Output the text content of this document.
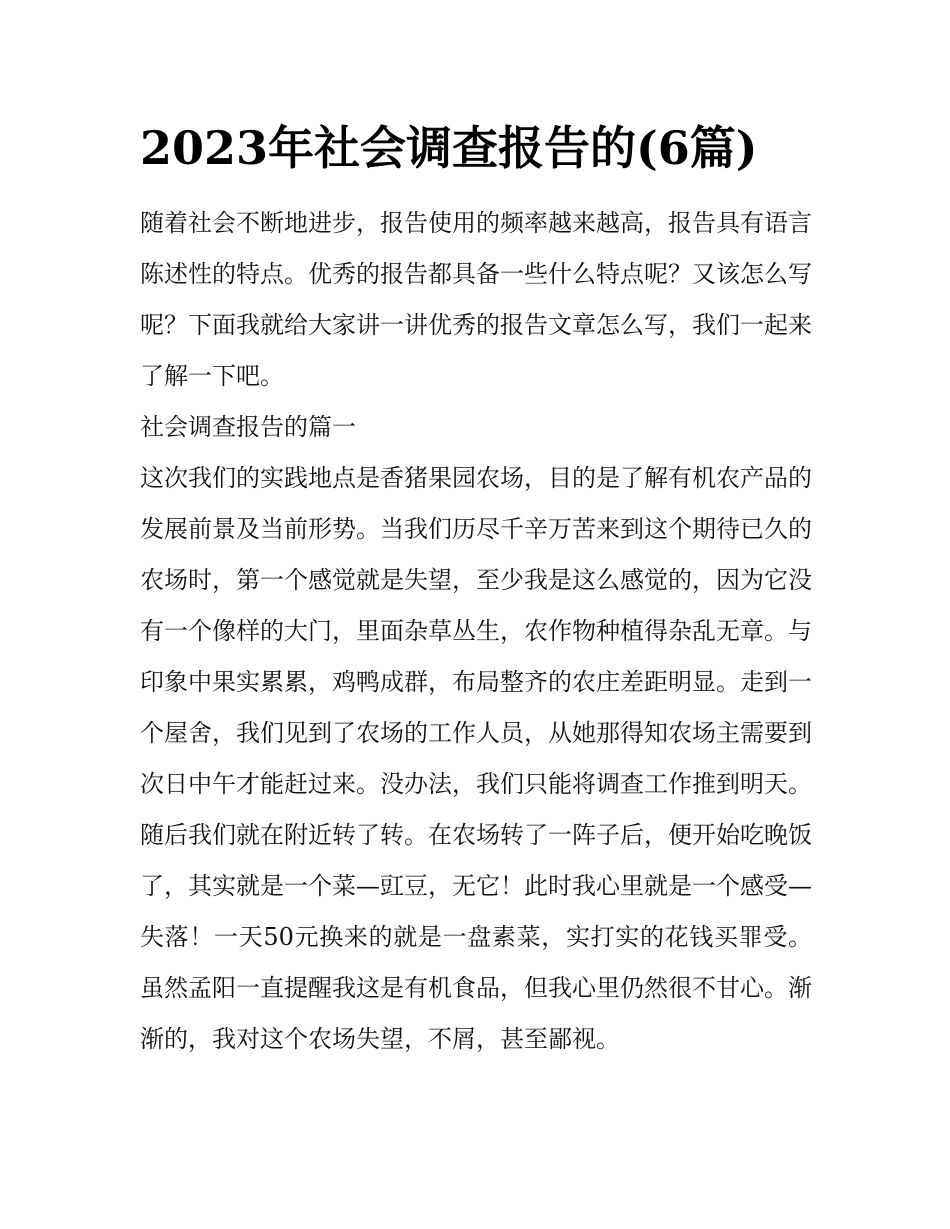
2023年社会调查报告的(6篇)

随着社会不断地进步，报告使用的频率越来越高，报告具有语言陈述性的特点。优秀的报告都具备一些什么特点呢？又该怎么写呢？下面我就给大家讲一讲优秀的报告文章怎么写，我们一起来了解一下吧。

社会调查报告的篇一

这次我们的实践地点是香猪果园农场，目的是了解有机农产品的发展前景及当前形势。当我们历尽千辛万苦来到这个期待已久的农场时，第一个感觉就是失望，至少我是这么感觉的，因为它没有一个像样的大门，里面杂草丛生，农作物种植得杂乱无章。与印象中果实累累，鸡鸭成群，布局整齐的农庄差距明显。走到一个屋舍，我们见到了农场的工作人员，从她那得知农场主需要到次日中午才能赶过来。没办法，我们只能将调查工作推到明天。随后我们就在附近转了转。在农场转了一阵子后，便开始吃晚饭了，其实就是一个菜—豇豆，无它！此时我心里就是一个感受—失落！一天50元换来的就是一盘素菜，实打实的花钱买罪受。虽然孟阳一直提醒我这是有机食品，但我心里仍然很不甘心。渐渐的，我对这个农场失望，不屑，甚至鄙视。
